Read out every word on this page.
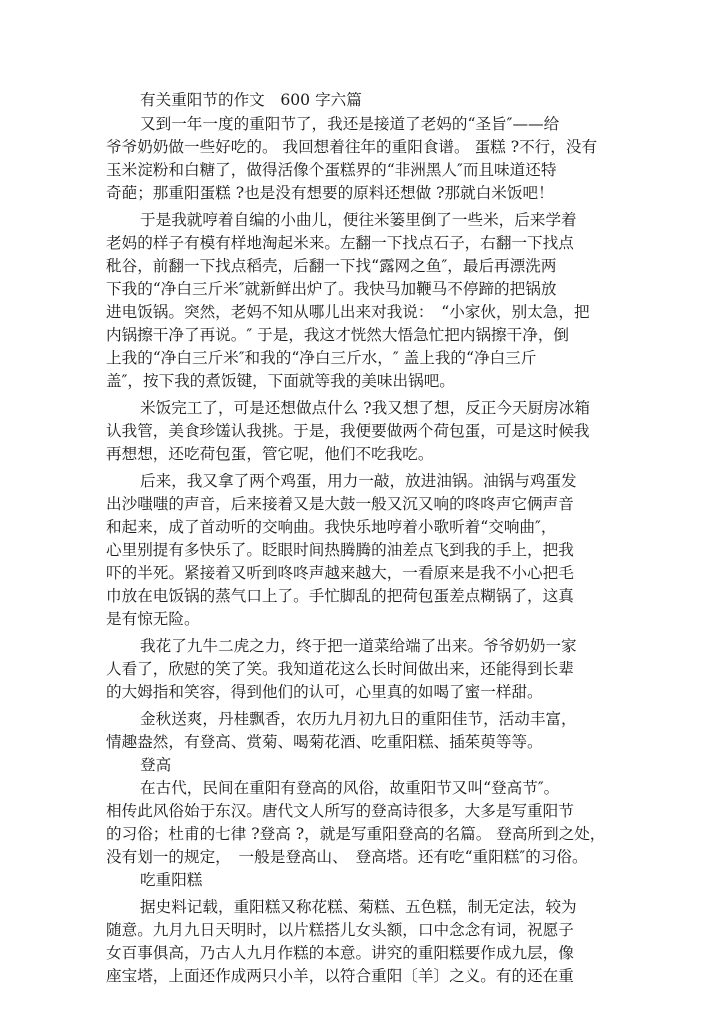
有关重阳节的作文　600 字六篇
又到一年一度的重阳节了，我还是接道了老妈的“圣旨″——给
爷爷奶奶做一些好吃的。 我回想着往年的重阳食谱。 蛋糕 ?不行，没有
玉米淀粉和白糖了，做得活像个蛋糕界的“非洲黑人″而且味道还特
奇葩；那重阳蛋糕 ?也是没有想要的原料还想做 ?那就白米饭吧！
于是我就哼着自编的小曲儿，便往米篓里倒了一些米，后来学着
老妈的样子有模有样地淘起米来。左翻一下找点石子，右翻一下找点
秕谷，前翻一下找点稻壳，后翻一下找“露网之鱼″，最后再漂洗两
下我的“净白三斤米″就新鲜出炉了。我快马加鞭马不停蹄的把锅放
进电饭锅。突然，老妈不知从哪儿出来对我说：　“小家伙，别太急，把
内锅擦干净了再说。″ 于是，我这才恍然大悟急忙把内锅擦干净，倒
上我的“净白三斤米″和我的“净白三斤水，″ 盖上我的“净白三斤
盖″，按下我的煮饭键，下面就等我的美味出锅吧。
米饭完工了，可是还想做点什么 ?我又想了想，反正今天厨房冰箱
认我管，美食珍馐认我挑。于是，我便要做两个荷包蛋，可是这时候我
再想想，还吃荷包蛋，管它呢，他们不吃我吃。
后来，我又拿了两个鸡蛋，用力一敲，放进油锅。油锅与鸡蛋发
出沙嗤嗤的声音，后来接着又是大鼓一般又沉又响的咚咚声它俩声音
和起来，成了首动听的交响曲。我快乐地哼着小歌听着“交响曲″，
心里别提有多快乐了。眨眼时间热腾腾的油差点飞到我的手上，把我
吓的半死。紧接着又听到咚咚声越来越大，一看原来是我不小心把毛
巾放在电饭锅的蒸气口上了。手忙脚乱的把荷包蛋差点糊锅了，这真
是有惊无险。
我花了九牛二虎之力，终于把一道菜给端了出来。爷爷奶奶一家
人看了，欣慰的笑了笑。我知道花这么长时间做出来，还能得到长辈
的大姆指和笑容，得到他们的认可，心里真的如喝了蜜一样甜。
金秋送爽，丹桂飘香，农历九月初九日的重阳佳节，活动丰富，
情趣盎然，有登高、赏菊、喝菊花酒、吃重阳糕、插茱萸等等。
登高
在古代，民间在重阳有登高的风俗，故重阳节又叫“登高节″。
相传此风俗始于东汉。唐代文人所写的登高诗很多，大多是写重阳节
的习俗；杜甫的七律 ?登高 ?，就是写重阳登高的名篇。 登高所到之处，
没有划一的规定，　一般是登高山、　登高塔。还有吃“重阳糕″的习俗。
吃重阳糕
据史料记载，重阳糕又称花糕、菊糕、五色糕，制无定法，较为
随意。九月九日天明时，以片糕搭儿女头额，口中念念有词，祝愿子
女百事俱高，乃古人九月作糕的本意。讲究的重阳糕要作成九层，像
座宝塔，上面还作成两只小羊，以符合重阳〔羊〕之义。有的还在重
